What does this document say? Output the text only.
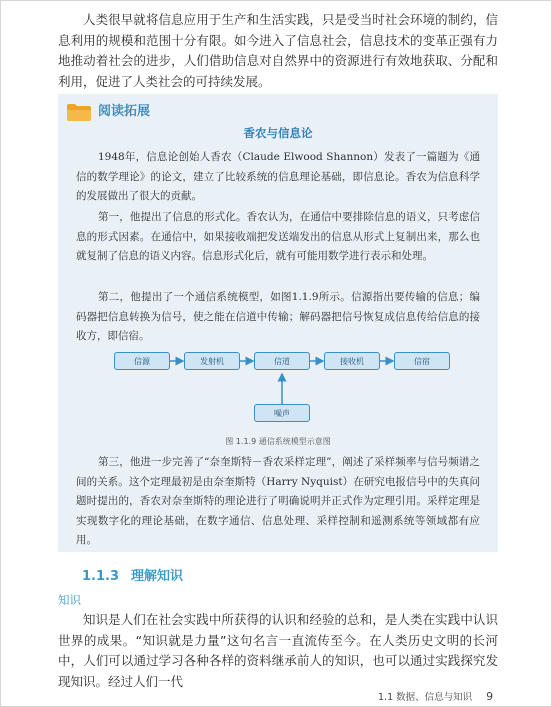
人类很早就将信息应用于生产和生活实践，只是受当时社会环境的制约，信息利用的规模和范围十分有限。如今进入了信息社会，信息技术的变革正强有力地推动着社会的进步，人们借助信息对自然界中的资源进行有效地获取、分配和利用，促进了人类社会的可持续发展。

阅读拓展
香农与信息论

1948年，信息论创始人香农（Claude Elwood Shannon）发表了一篇题为《通信的数学理论》的论文，建立了比较系统的信息理论基础，即信息论。香农为信息科学的发展做出了很大的贡献。

第一，他提出了信息的形式化。香农认为，在通信中要排除信息的语义，只考虑信息的形式因素。在通信中，如果接收端把发送端发出的信息从形式上复制出来，那么也就复制了信息的语义内容。信息形式化后，就有可能用数学进行表示和处理。

第二，他提出了一个通信系统模型，如图1.1.9所示。信源指出要传输的信息；编码器把信息转换为信号，使之能在信道中传输；解码器把信号恢复成信息传给信息的接收方，即信宿。

信源	发射机	信道	接收机	信宿
噪声
图 1.1.9 通信系统模型示意图

第三，他进一步完善了“奈奎斯特－香农采样定理”，阐述了采样频率与信号频谱之间的关系。这个定理最初是由奈奎斯特（Harry Nyquist）在研究电报信号中的失真问题时提出的，香农对奈奎斯特的理论进行了明确说明并正式作为定理引用。采样定理是实现数字化的理论基础，在数字通信、信息处理、采样控制和遥测系统等领域都有应用。

1.1.3 理解知识
知识

知识是人们在社会实践中所获得的认识和经验的总和，是人类在实践中认识世界的成果。“知识就是力量”这句名言一直流传至今。在人类历史文明的长河中，人们可以通过学习各种各样的资料继承前人的知识，也可以通过实践探究发现知识。经过人们一代

1.1 数据、信息与知识 9
